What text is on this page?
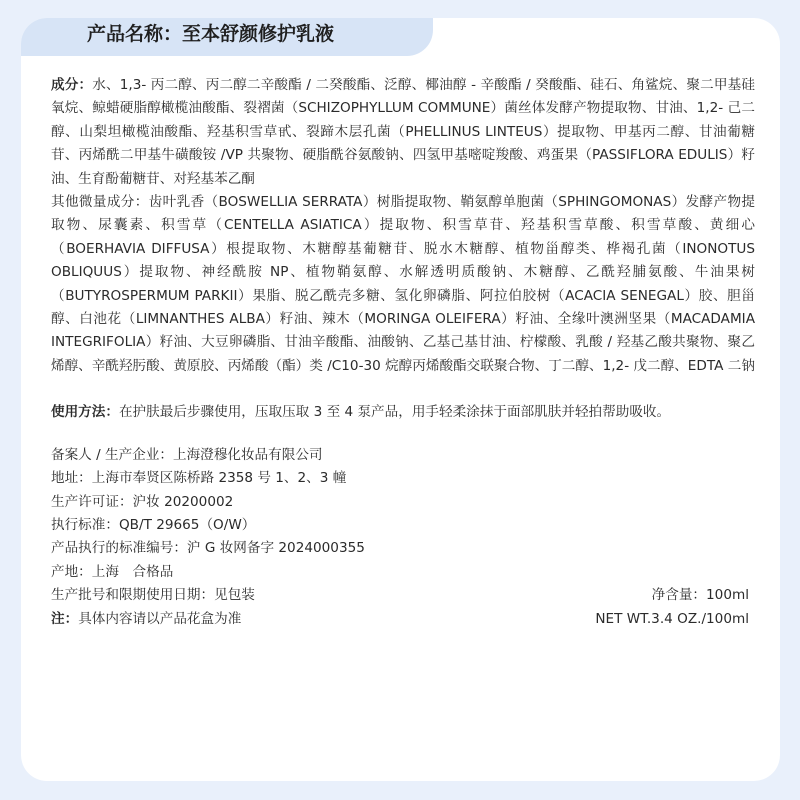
产品名称：至本舒颜修护乳液

成分：水、1,3- 丙二醇、丙二醇二辛酸酯 / 二癸酸酯、泛醇、椰油醇 - 辛酸酯 / 癸酸酯、硅石、角鲨烷、聚二甲基硅氧烷、鲸蜡硬脂醇橄榄油酸酯、裂褶菌（SCHIZOPHYLLUM COMMUNE）菌丝体发酵产物提取物、甘油、1,2- 己二醇、山梨坦橄榄油酸酯、羟基积雪草甙、裂蹄木层孔菌（PHELLINUS LINTEUS）提取物、甲基丙二醇、甘油葡糖苷、丙烯酰二甲基牛磺酸铵 /VP 共聚物、硬脂酰谷氨酸钠、四氢甲基嘧啶羧酸、鸡蛋果（PASSIFLORA EDULIS）籽油、生育酚葡糖苷、对羟基苯乙酮

其他微量成分：齿叶乳香（BOSWELLIA SERRATA）树脂提取物、鞘氨醇单胞菌（SPHINGOMONAS）发酵产物提取物、尿囊素、积雪草（CENTELLA ASIATICA）提取物、积雪草苷、羟基积雪草酸、积雪草酸、黄细心（BOERHAVIA DIFFUSA）根提取物、木糖醇基葡糖苷、脱水木糖醇、植物甾醇类、桦褐孔菌（INONOTUS OBLIQUUS）提取物、神经酰胺 NP、植物鞘氨醇、水解透明质酸钠、木糖醇、乙酰羟脯氨酸、牛油果树（BUTYROSPERMUM PARKII）果脂、脱乙酰壳多糖、氢化卵磷脂、阿拉伯胶树（ACACIA SENEGAL）胶、胆甾醇、白池花（LIMNANTHES ALBA）籽油、辣木（MORINGA OLEIFERA）籽油、全缘叶澳洲坚果（MACADAMIA INTEGRIFOLIA）籽油、大豆卵磷脂、甘油辛酸酯、油酸钠、乙基己基甘油、柠檬酸、乳酸 / 羟基乙酸共聚物、聚乙烯醇、辛酰羟肟酸、黄原胶、丙烯酸（酯）类 /C10-30 烷醇丙烯酸酯交联聚合物、丁二醇、1,2- 戊二醇、EDTA 二钠

使用方法：在护肤最后步骤使用，压取压取 3 至 4 泵产品，用手轻柔涂抹于面部肌肤并轻拍帮助吸收。

备案人 / 生产企业：上海澄穆化妆品有限公司

地址：上海市奉贤区陈桥路 2358 号 1、2、3 幢

生产许可证：沪妆 20200002

执行标准：QB/T 29665（O/W）

产品执行的标准编号：沪 G 妆网备字 2024000355

产地：上海　合格品

生产批号和限期使用日期：见包装	净含量：100ml

注：具体内容请以产品花盒为准	NET WT.3.4 OZ./100ml
